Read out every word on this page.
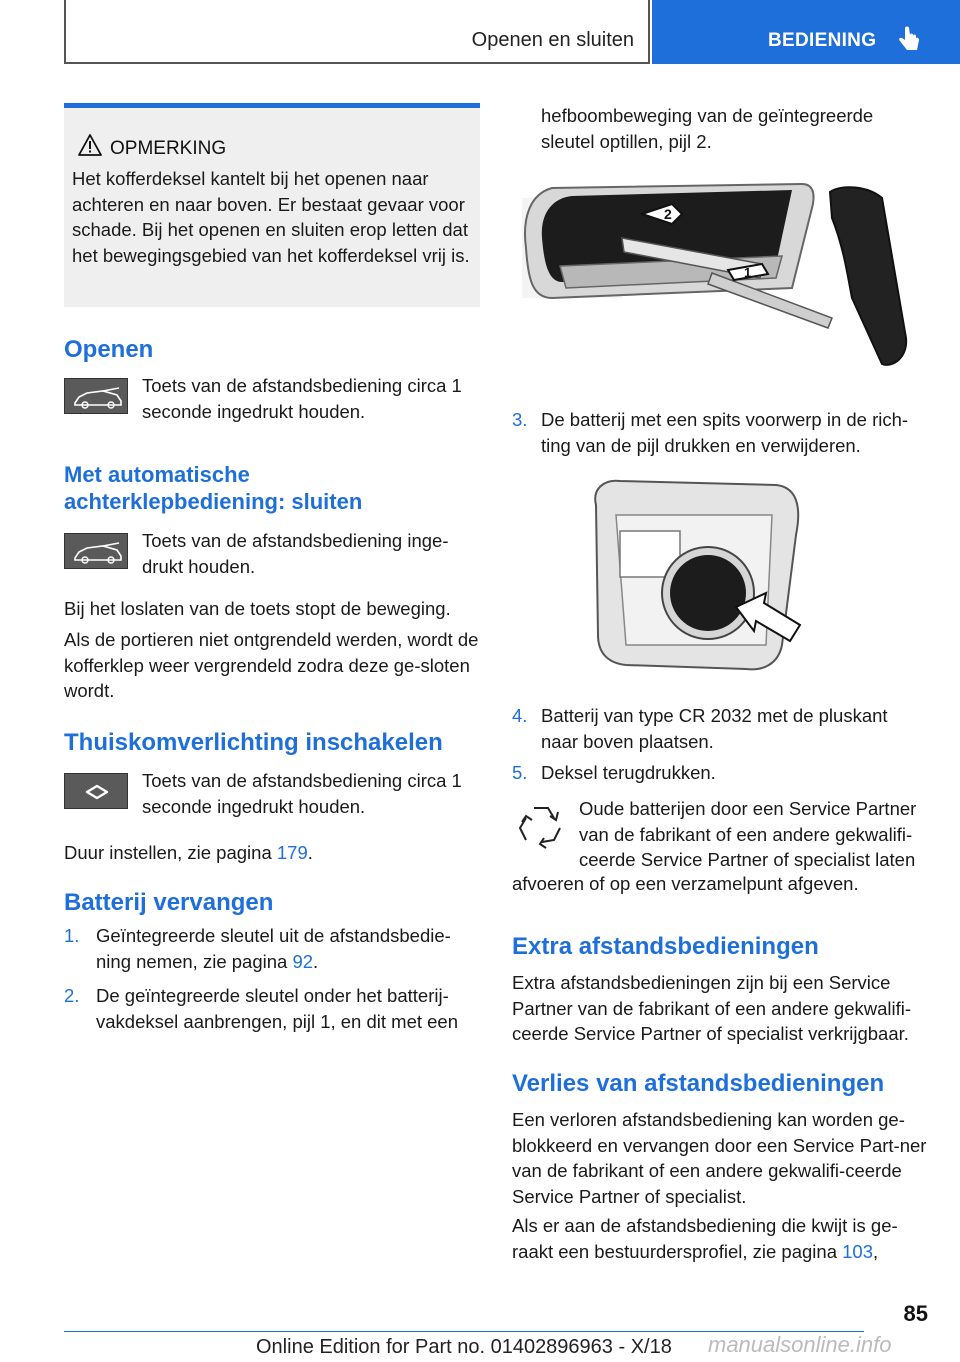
Openen en sluiten	BEDIENING
OPMERKING

Het kofferdeksel kantelt bij het openen naar achteren en naar boven. Er bestaat gevaar voor schade. Bij het openen en sluiten erop letten dat het bewegingsgebied van het kofferdeksel vrij is.

Openen

Toets van de afstandsbediening circa 1 seconde ingedrukt houden.

Met automatische
achterklepbediening: sluiten

Toets van de afstandsbediening inge-drukt houden.

Bij het loslaten van de toets stopt de beweging.

Als de portieren niet ontgrendeld werden, wordt de kofferklep weer vergrendeld zodra deze ge-sloten wordt.

Thuiskomverlichting inschakelen

Toets van de afstandsbediening circa 1 seconde ingedrukt houden.

Duur instellen, zie pagina 179.

Batterij vervangen
1. Geïntegreerde sleutel uit de afstandsbedie-ning nemen, zie pagina 92.

2. De geïntegreerde sleutel onder het batterij-vakdeksel aanbrengen, pijl 1, en dit met een

hefboombeweging van de geïntegreerde sleutel optillen, pijl 2.

2
1
3. De batterij met een spits voorwerp in de rich-ting van de pijl drukken en verwijderen.

4. Batterij van type CR 2032 met de pluskant naar boven plaatsen.

5. Deksel terugdrukken.

Oude batterijen door een Service Partner van de fabrikant of een andere gekwalifi-ceerde Service Partner of specialist laten

afvoeren of op een verzamelpunt afgeven.

Extra afstandsbedieningen

Extra afstandsbedieningen zijn bij een Service Partner van de fabrikant of een andere gekwalifi-ceerde Service Partner of specialist verkrijgbaar.

Verlies van afstandsbedieningen

Een verloren afstandsbediening kan worden ge-blokkeerd en vervangen door een Service Part-ner van de fabrikant of een andere gekwalifi-ceerde Service Partner of specialist.

Als er aan de afstandsbediening die kwijt is ge-raakt een bestuurdersprofiel, zie pagina 103,

85
Online Edition for Part no. 01402896963 - X/18 manualsonline.info
